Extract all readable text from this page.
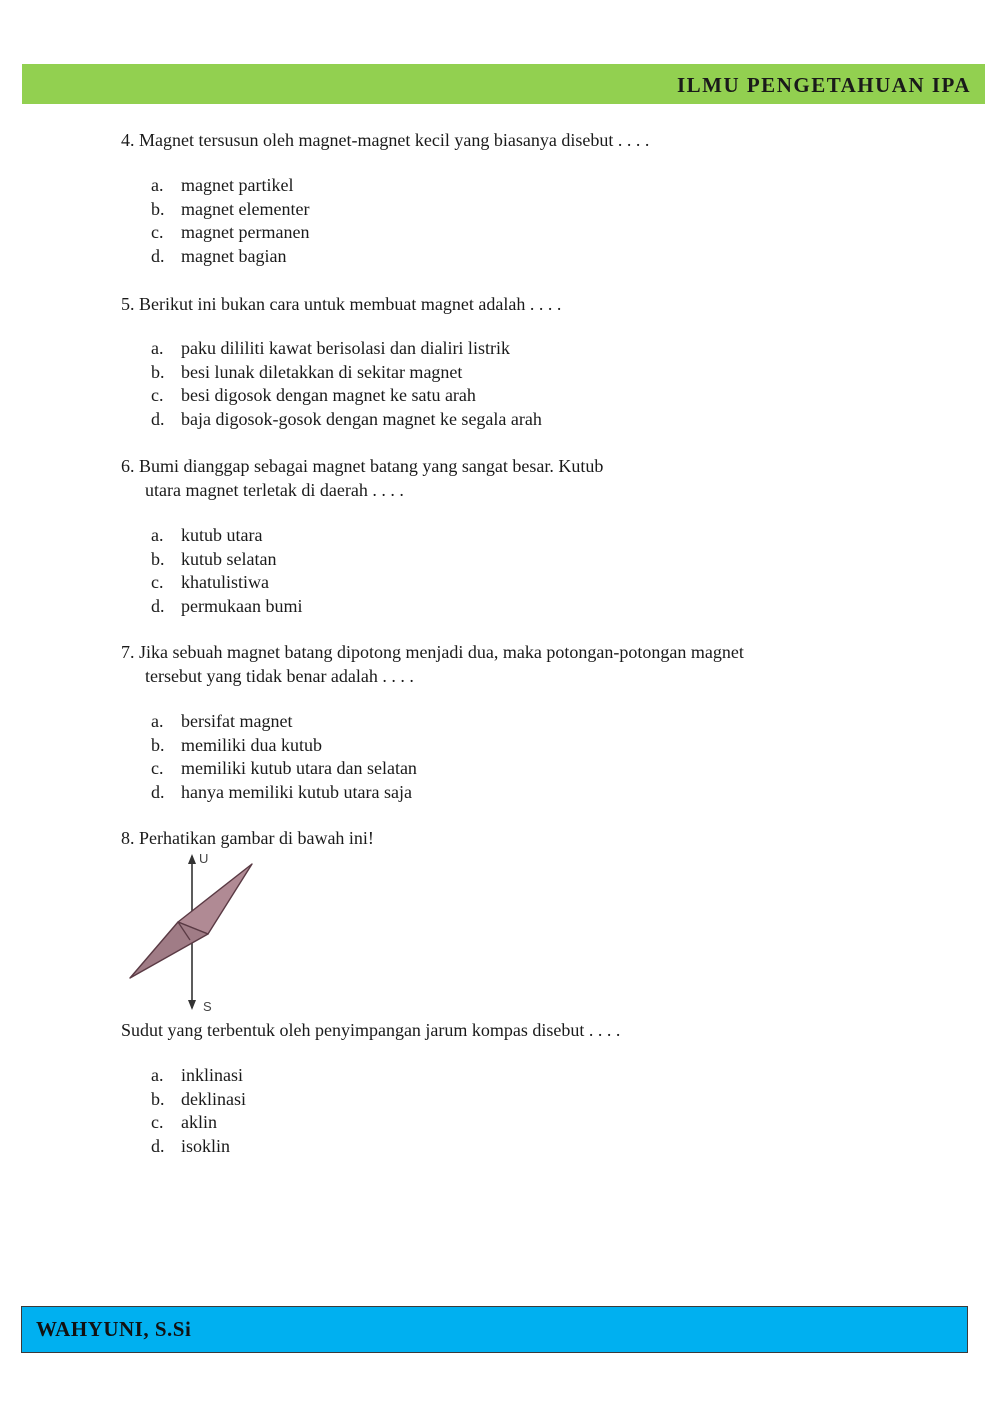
ILMU PENGETAHUAN IPA
4. Magnet tersusun oleh magnet-magnet kecil yang biasanya disebut . . . .
a. magnet partikel
b. magnet elementer
c. magnet permanen
d. magnet bagian
5. Berikut ini bukan cara untuk membuat magnet adalah . . . .
a. paku dililiti kawat berisolasi dan dialiri listrik
b. besi lunak diletakkan di sekitar magnet
c. besi digosok dengan magnet ke satu arah
d. baja digosok-gosok dengan magnet ke segala arah
6. Bumi dianggap sebagai magnet batang yang sangat besar. Kutub
utara magnet terletak di daerah . . . .
a. kutub utara
b. kutub selatan
c. khatulistiwa
d. permukaan bumi
7. Jika sebuah magnet batang dipotong menjadi dua, maka potongan-potongan magnet
tersebut yang tidak benar adalah . . . .
a. bersifat magnet
b. memiliki dua kutub
c. memiliki kutub utara dan selatan
d. hanya memiliki kutub utara saja
8. Perhatikan gambar di bawah ini!
U
S
Sudut yang terbentuk oleh penyimpangan jarum kompas disebut . . . .
a. inklinasi
b. deklinasi
c. aklin
d. isoklin
WAHYUNI, S.Si
